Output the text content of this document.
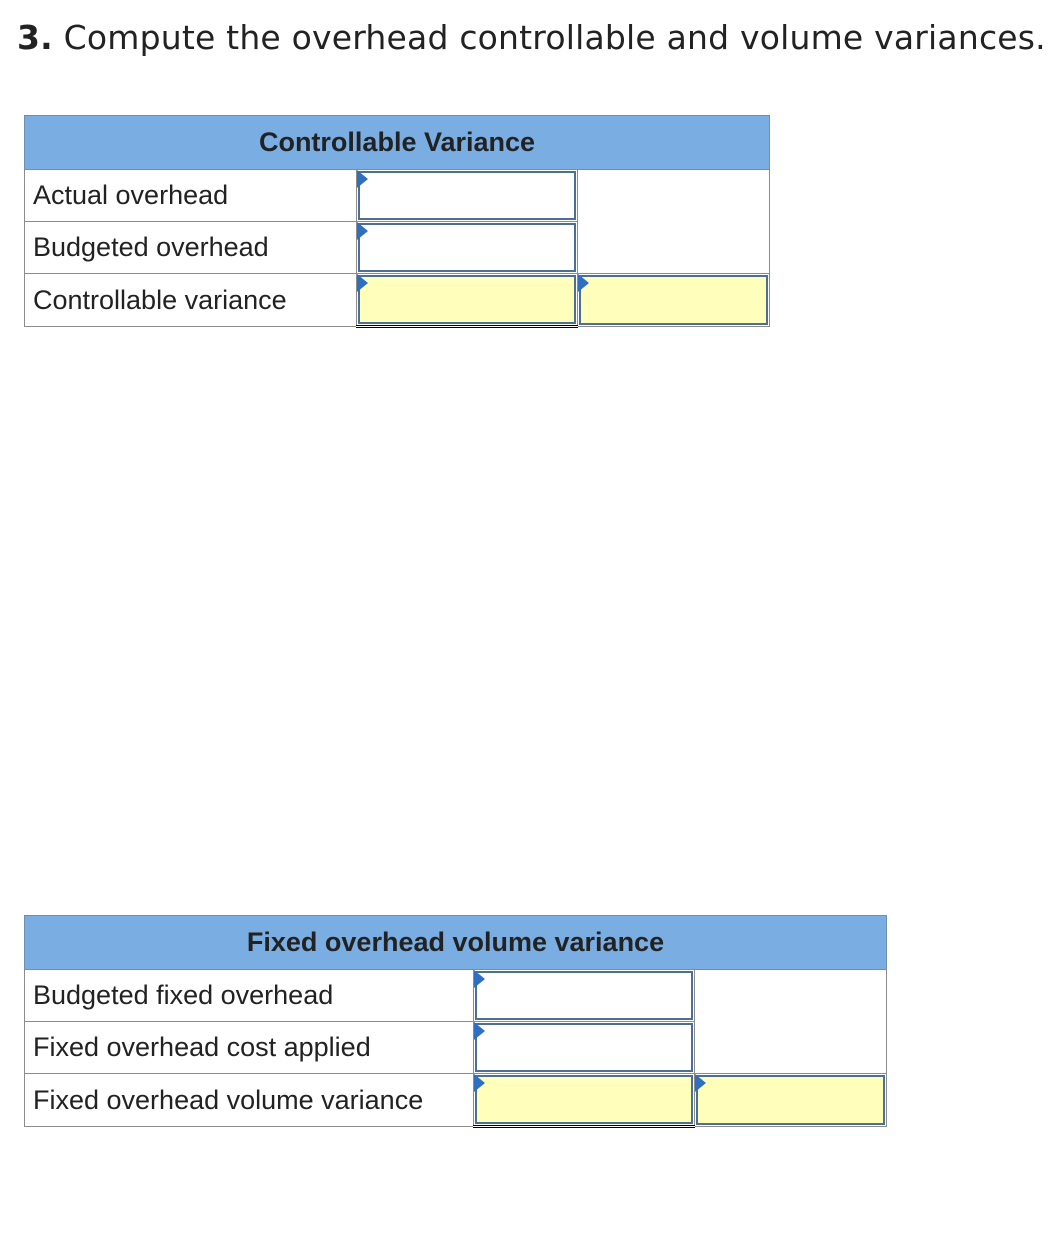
3. Compute the overhead controllable and volume variances.
Controllable Variance		
Actual overhead	

Budgeted overhead	

Controllable variance	

Fixed overhead volume variance		
Budgeted fixed overhead	

Fixed overhead cost applied	

Fixed overhead volume variance	
